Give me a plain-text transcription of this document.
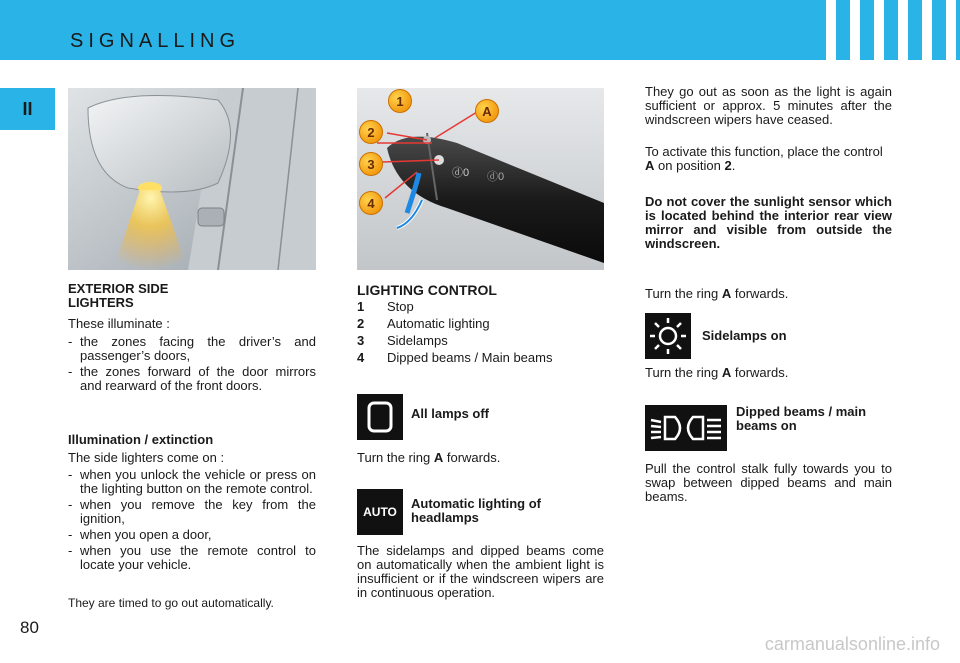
SIGNALLING
II
EXTERIOR SIDE LIGHTERS
These illuminate :
- the zones facing the driver’s and passenger’s doors,
- the zones forward of the door mirrors and rearward of the front doors.
Illumination / extinction
The side lighters come on :
- when you unlock the vehicle or press on the lighting button on the remote control.
- when you remove the key from the ignition,
- when you open a door,
- when you use the remote control to locate your vehicle.
They are timed to go out automatically.
ⓓ0 ⓓ0
1
A
2
3
4
LIGHTING CONTROL
1	Stop
2	Automatic lighting
3	Sidelamps
4	Dipped beams / Main beams
All lamps off
Turn the ring A forwards.
AUTO
Automatic lighting of headlamps
The sidelamps and dipped beams come on automatically when the ambient light is insufficient or if the windscreen wipers are in continuous operation.
They go out as soon as the light is again sufficient or approx. 5 minutes after the windscreen wipers have ceased.
To activate this function, place the control A on position 2.
Do not cover the sunlight sensor which is located behind the interior rear view mirror and visible from outside the windscreen.
Turn the ring A forwards.
Sidelamps on
Turn the ring A forwards.
Dipped beams / main beams on
Pull the control stalk fully towards you to swap between dipped beams and main beams.
80
carmanualsonline.info
